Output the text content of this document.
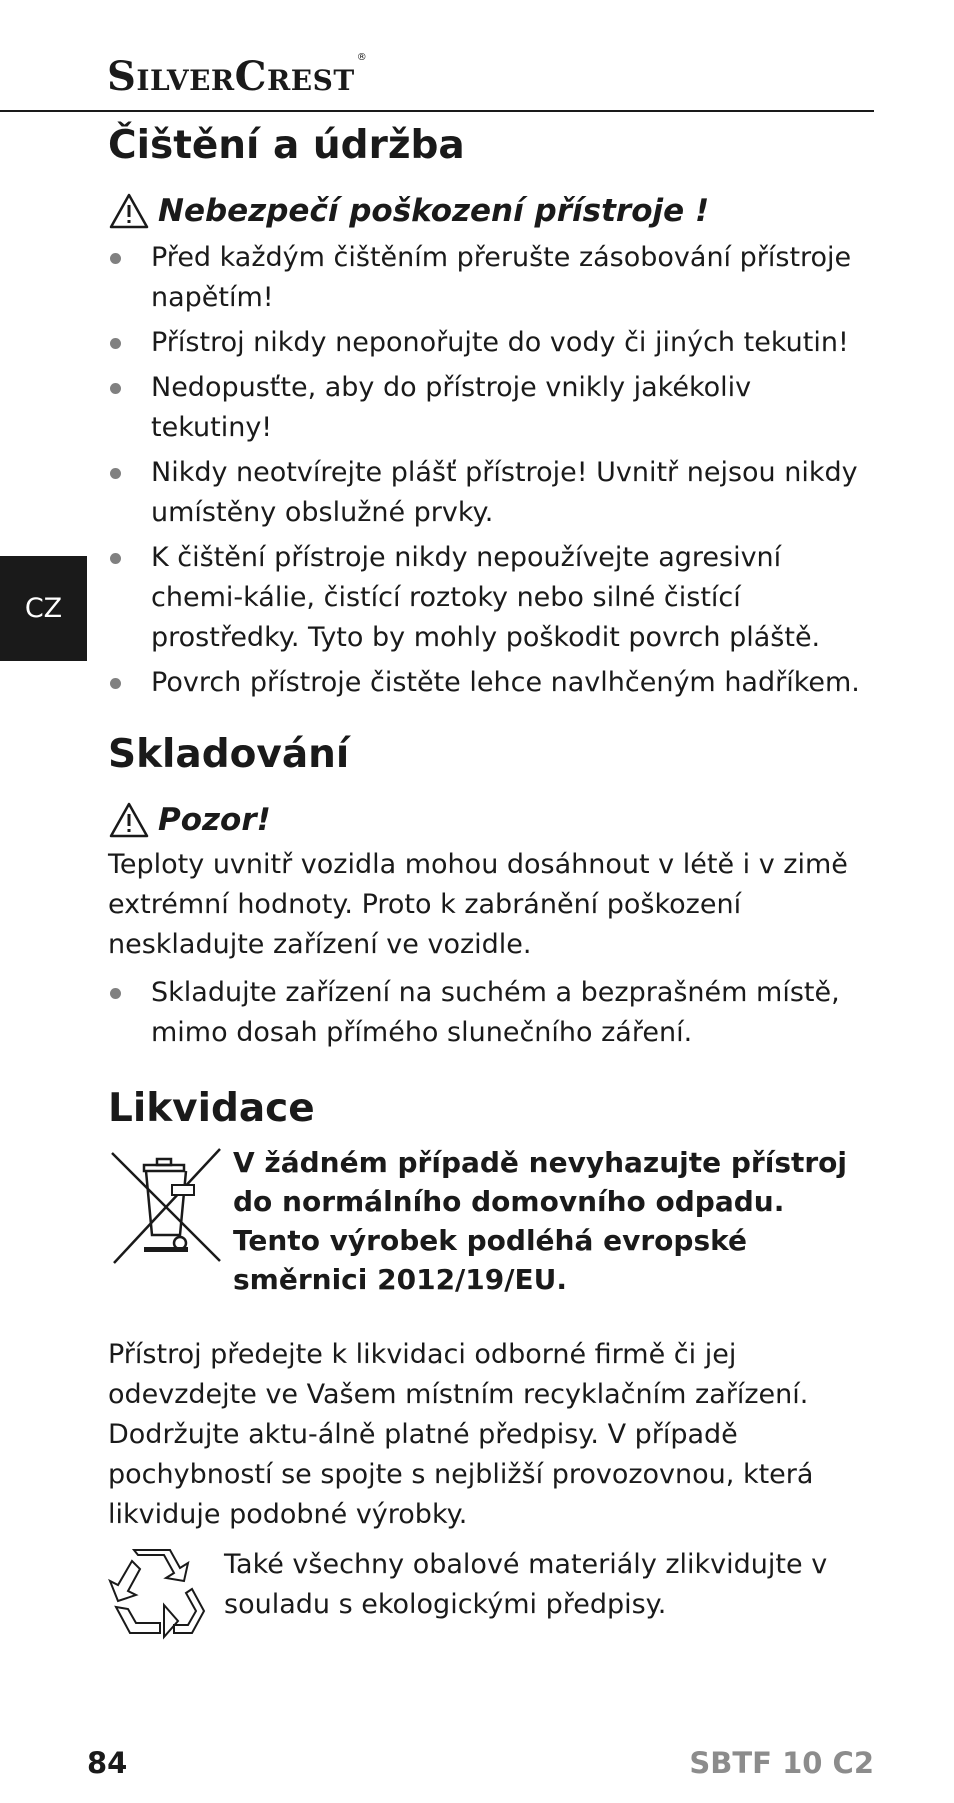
SilverCrest ®
CZ
Čištění a údržba
Nebezpečí poškození přístroje !
Před každým čištěním přerušte zásobování přístroje napětím!
Přístroj nikdy neponořujte do vody či jiných tekutin!
Nedopusťte, aby do přístroje vnikly jakékoliv tekutiny!
Nikdy neotvírejte plášť přístroje! Uvnitř nejsou nikdy umístěny obslužné prvky.
K čištění přístroje nikdy nepoužívejte agresivní chemi-kálie, čistící roztoky nebo silné čistící prostředky. Tyto by mohly poškodit povrch pláště.
Povrch přístroje čistěte lehce navlhčeným hadříkem.
Skladování
Pozor!

Teploty uvnitř vozidla mohou dosáhnout v létě i v zimě extrémní hodnoty. Proto k zabránění poškození neskladujte zařízení ve vozidle.

Skladujte zařízení na suchém a bezprašném místě, mimo dosah přímého slunečního záření.
Likvidace
V žádném případě nevyhazujte přístroj do normálního domovního odpadu. Tento výrobek podléhá evropské směrnici 2012/19/EU.

Přístroj předejte k likvidaci odborné firmě či jej odevzdejte ve Vašem místním recyklačním zařízení. Dodržujte aktu-álně platné předpisy. V případě pochybností se spojte s nejbližší provozovnou, která likviduje podobné výrobky.

Také všechny obalové materiály zlikvidujte v souladu s ekologickými předpisy.

84	SBTF 10 C2
